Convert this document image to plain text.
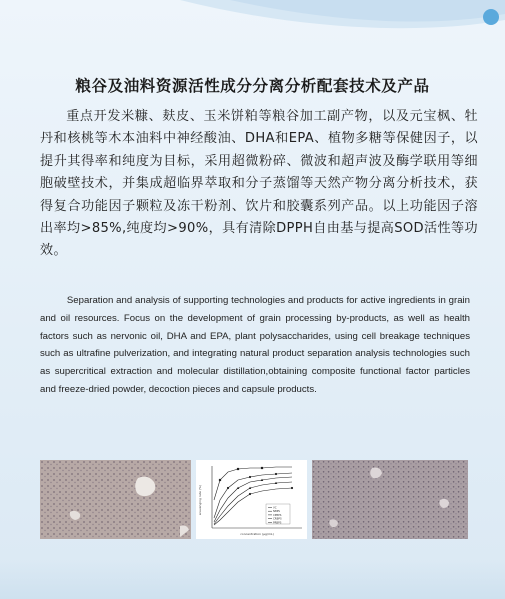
粮谷及油料资源活性成分分离分析配套技术及产品
重点开发米糠、麸皮、玉米饼粕等粮谷加工副产物，以及元宝枫、牡丹和核桃等木本油料中神经酸油、DHA和EPA、植物多糖等保健因子，以提升其得率和纯度为目标，采用超微粉碎、微波和超声波及酶学联用等细胞破壁技术，并集成超临界萃取和分子蒸馏等天然产物分离分析技术，获得复合功能因子颗粒及冻干粉剂、饮片和胶囊系列产品。以上功能因子溶出率均>85%,纯度均>90%，具有清除DPPH自由基与提高SOD活性等功效。

Separation and analysis of supporting technologies and products for active ingredients in grain and oil resources. Focus on the development of grain processing by-products, as well as health factors such as nervonic oil, DHA and EPA, plant polysaccharides, using cell breakage techniques such as ultrafine pulverization, and integrating natural product separation analysis technologies such as supercritical extraction and molecular distillation,obtaining composite functional factor particles and freeze-dried powder, decoction pieces and capsule products.

scavenging rate (%)
concentration (μg/mL)
VC
NBPS
CPBPS
CRBPS
PRBPS
